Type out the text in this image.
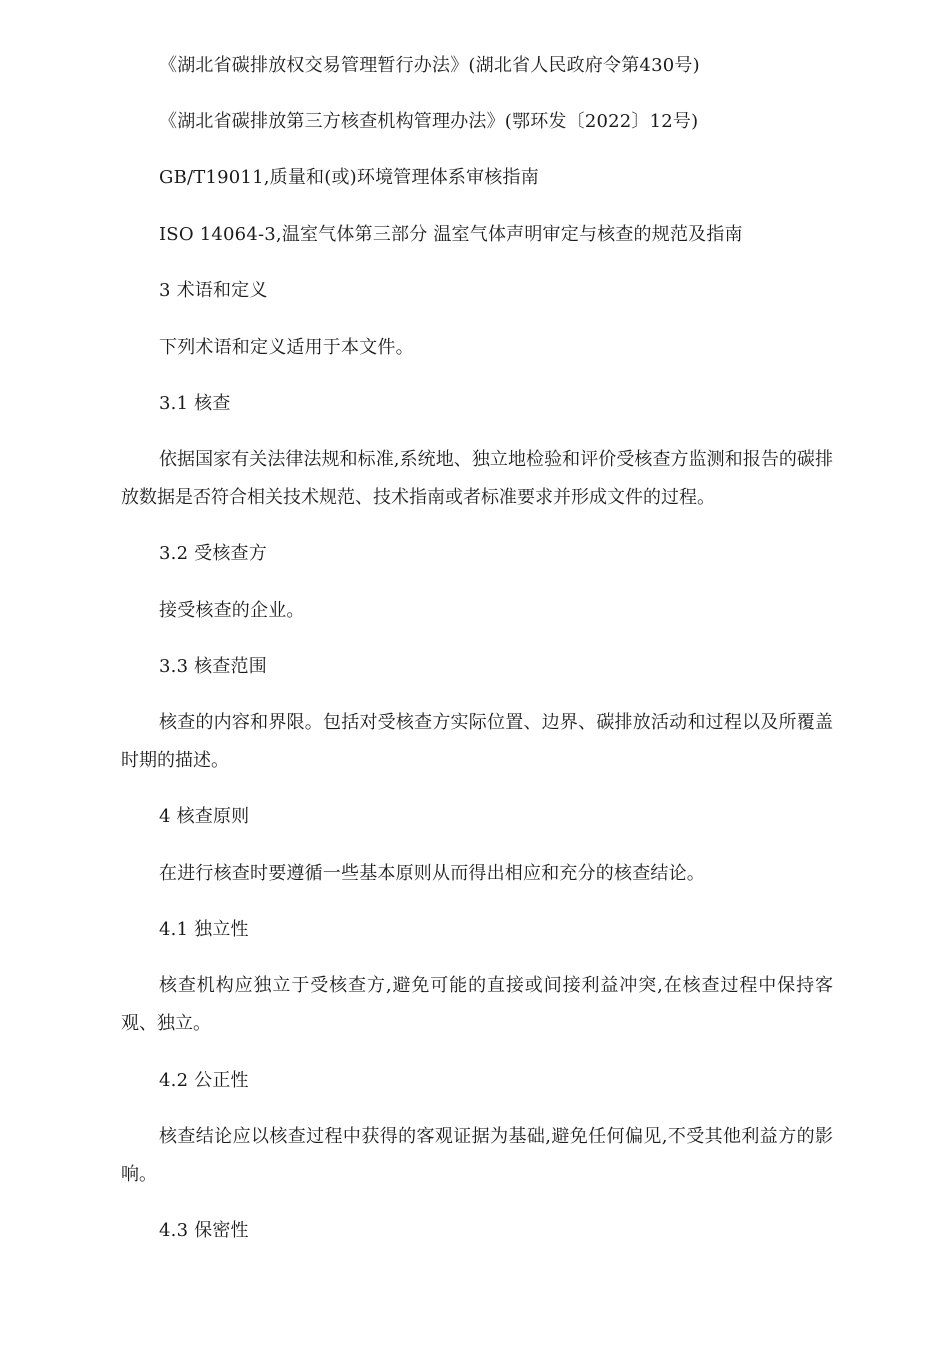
《湖北省碳排放权交易管理暂行办法》(湖北省人民政府令第430号)
《湖北省碳排放第三方核查机构管理办法》(鄂环发〔2022〕12号)
GB/T19011,质量和(或)环境管理体系审核指南
ISO 14064-3,温室气体第三部分 温室气体声明审定与核查的规范及指南
3 术语和定义
下列术语和定义适用于本文件。
3.1 核查
依据国家有关法律法规和标准,系统地、独立地检验和评价受核查方监测和报告的碳排放数据是否符合相关技术规范、技术指南或者标准要求并形成文件的过程。
3.2 受核查方
接受核查的企业。
3.3 核查范围
核查的内容和界限。包括对受核查方实际位置、边界、碳排放活动和过程以及所覆盖时期的描述。
4 核查原则
在进行核查时要遵循一些基本原则从而得出相应和充分的核查结论。
4.1 独立性
核查机构应独立于受核查方,避免可能的直接或间接利益冲突,在核查过程中保持客观、独立。
4.2 公正性
核查结论应以核查过程中获得的客观证据为基础,避免任何偏见,不受其他利益方的影响。
4.3 保密性
